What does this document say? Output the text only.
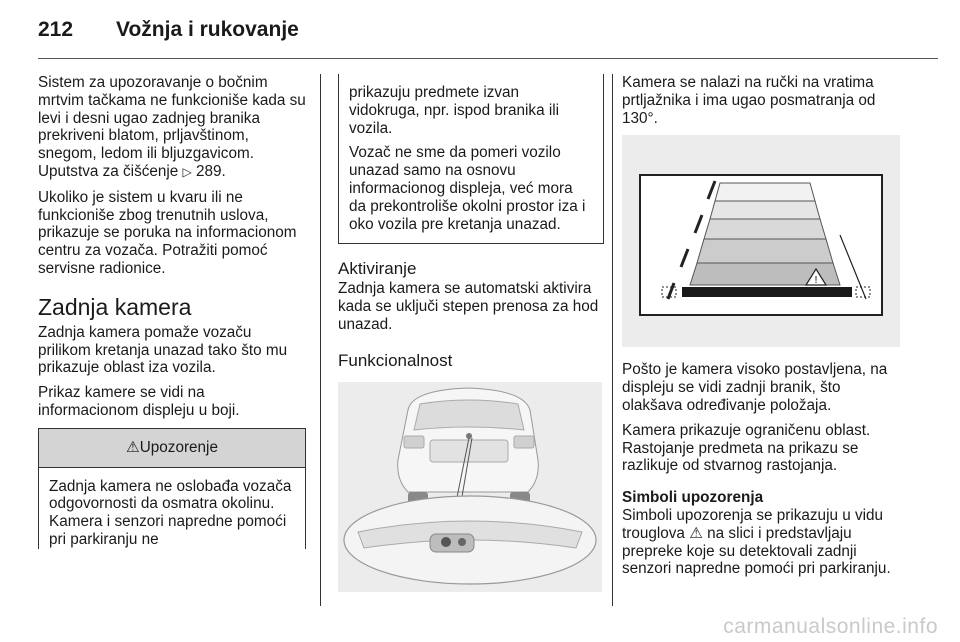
212 Vožnja i rukovanje

Sistem za upozoravanje o bočnim mrtvim tačkama ne funkcioniše kada su levi i desni ugao zadnjeg branika prekriveni blatom, prljavštinom, snegom, ledom ili bljuzgavicom. Uputstva za čišćenje ▷ 289.

Ukoliko je sistem u kvaru ili ne funkcioniše zbog trenutnih uslova, prikazuje se poruka na informacionom centru za vozača. Potražiti pomoć servisne radionice.

Zadnja kamera

Zadnja kamera pomaže vozaču prilikom kretanja unazad tako što mu prikazuje oblast iza vozila.

Prikaz kamere se vidi na informacionom displeju u boji.

⚠Upozorenje
Zadnja kamera ne oslobađa vozača odgovornosti da osmatra okolinu. Kamera i senzori napredne pomoći pri parkiranju ne

prikazuju predmete izvan vidokruga, npr. ispod branika ili vozila.

Vozač ne sme da pomeri vozilo unazad samo na osnovu informacionog displeja, već mora da prekontroliše okolni prostor iza i oko vozila pre kretanja unazad.

Aktiviranje

Zadnja kamera se automatski aktivira kada se uključi stepen prenosa za hod unazad.

Funkcionalnost

Kamera se nalazi na ručki na vratima prtljažnika i ima ugao posmatranja od 130°.

!

Pošto je kamera visoko postavljena, na displeju se vidi zadnji branik, što olakšava određivanje položaja.

Kamera prikazuje ograničenu oblast. Rastojanje predmeta na prikazu se razlikuje od stvarnog rastojanja.

Simboli upozorenja

Simboli upozorenja se prikazuju u vidu trouglova ⚠ na slici i predstavljaju prepreke koje su detektovali zadnji senzori napredne pomoći pri parkiranju.

carmanualsonline.info
